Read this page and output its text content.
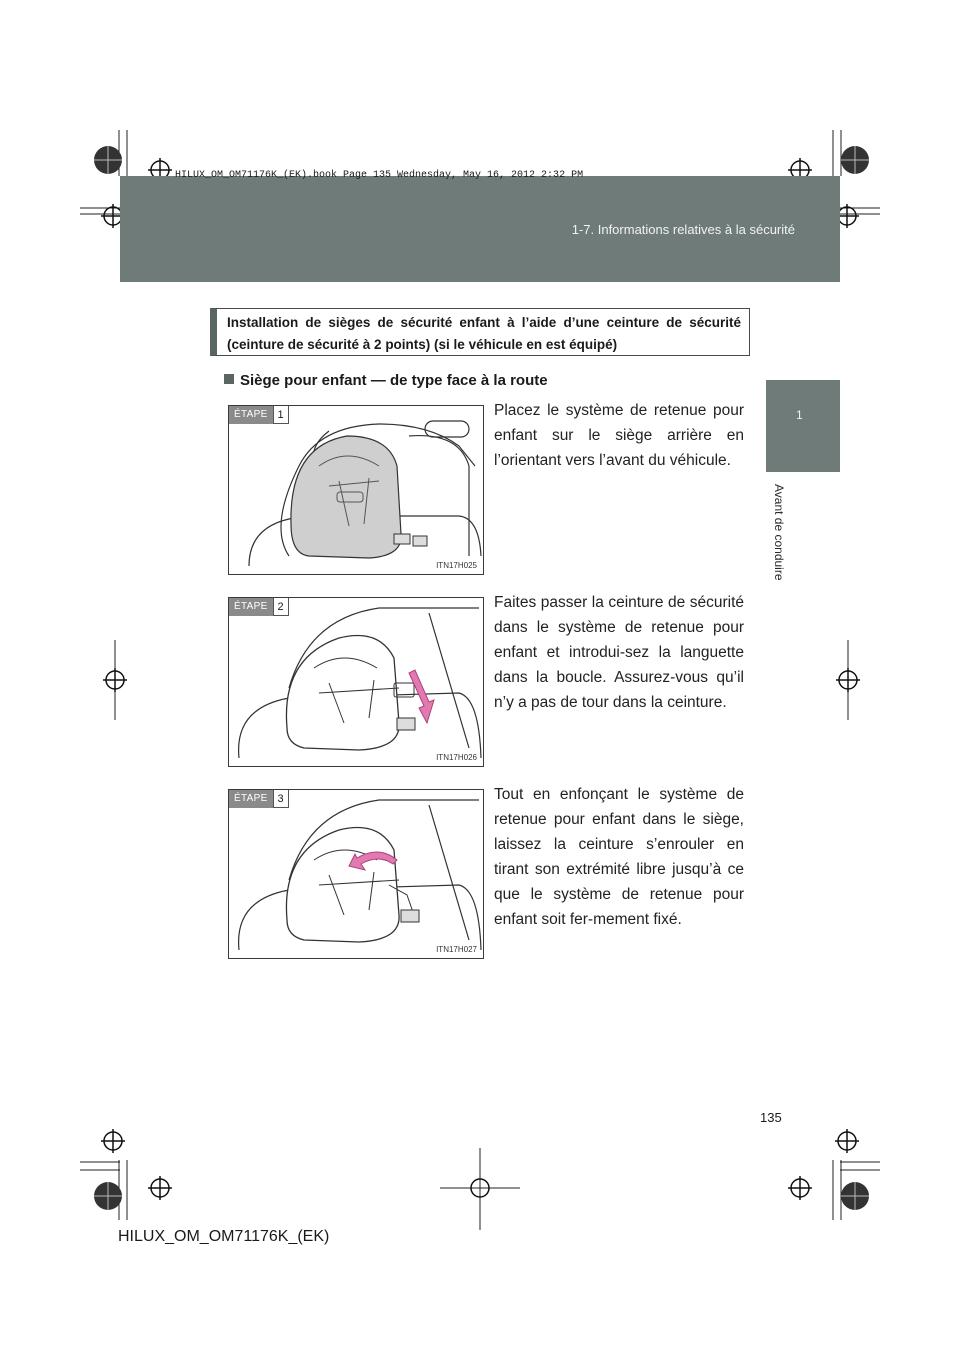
HILUX_OM_OM71176K_(EK).book Page 135 Wednesday, May 16, 2012 2:32 PM
1-7. Informations relatives à la sécurité
1
Avant de conduire
Installation de sièges de sécurité enfant à l’aide d’une ceinture de sécurité (ceinture de sécurité à 2 points) (si le véhicule en est équipé)
Siège pour enfant — de type face à la route
ÉTAPE 1
ITN17H025
Placez le système de retenue pour enfant sur le siège arrière en l’orientant vers l’avant du véhicule.
ÉTAPE 2
ITN17H026
Faites passer la ceinture de sécurité dans le système de retenue pour enfant et introdui-sez la languette dans la boucle. Assurez-vous qu’il n’y a pas de tour dans la ceinture.
ÉTAPE 3
ITN17H027
Tout en enfonçant le système de retenue pour enfant dans le siège, laissez la ceinture s’enrouler en tirant son extrémité libre jusqu’à ce que le système de retenue pour enfant soit fer-mement fixé.
135
HILUX_OM_OM71176K_(EK)
